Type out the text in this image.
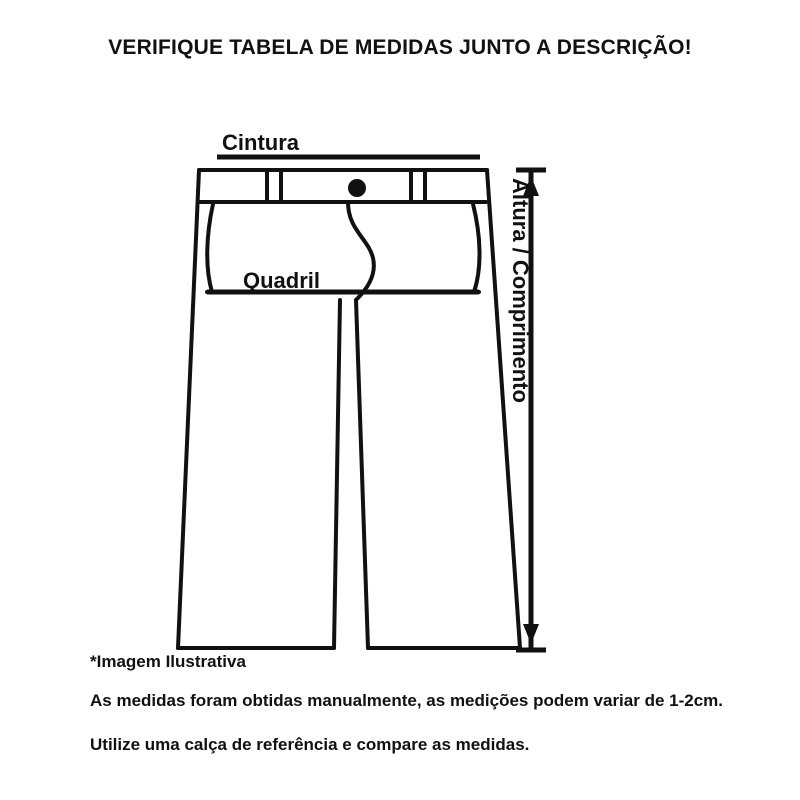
VERIFIQUE TABELA DE MEDIDAS JUNTO A DESCRIÇÃO!
Cintura
Quadril	Altura / Comprimento
*Imagem Ilustrativa
As medidas foram obtidas manualmente, as medições podem variar de 1-2cm.
Utilize uma calça de referência e compare as medidas.
